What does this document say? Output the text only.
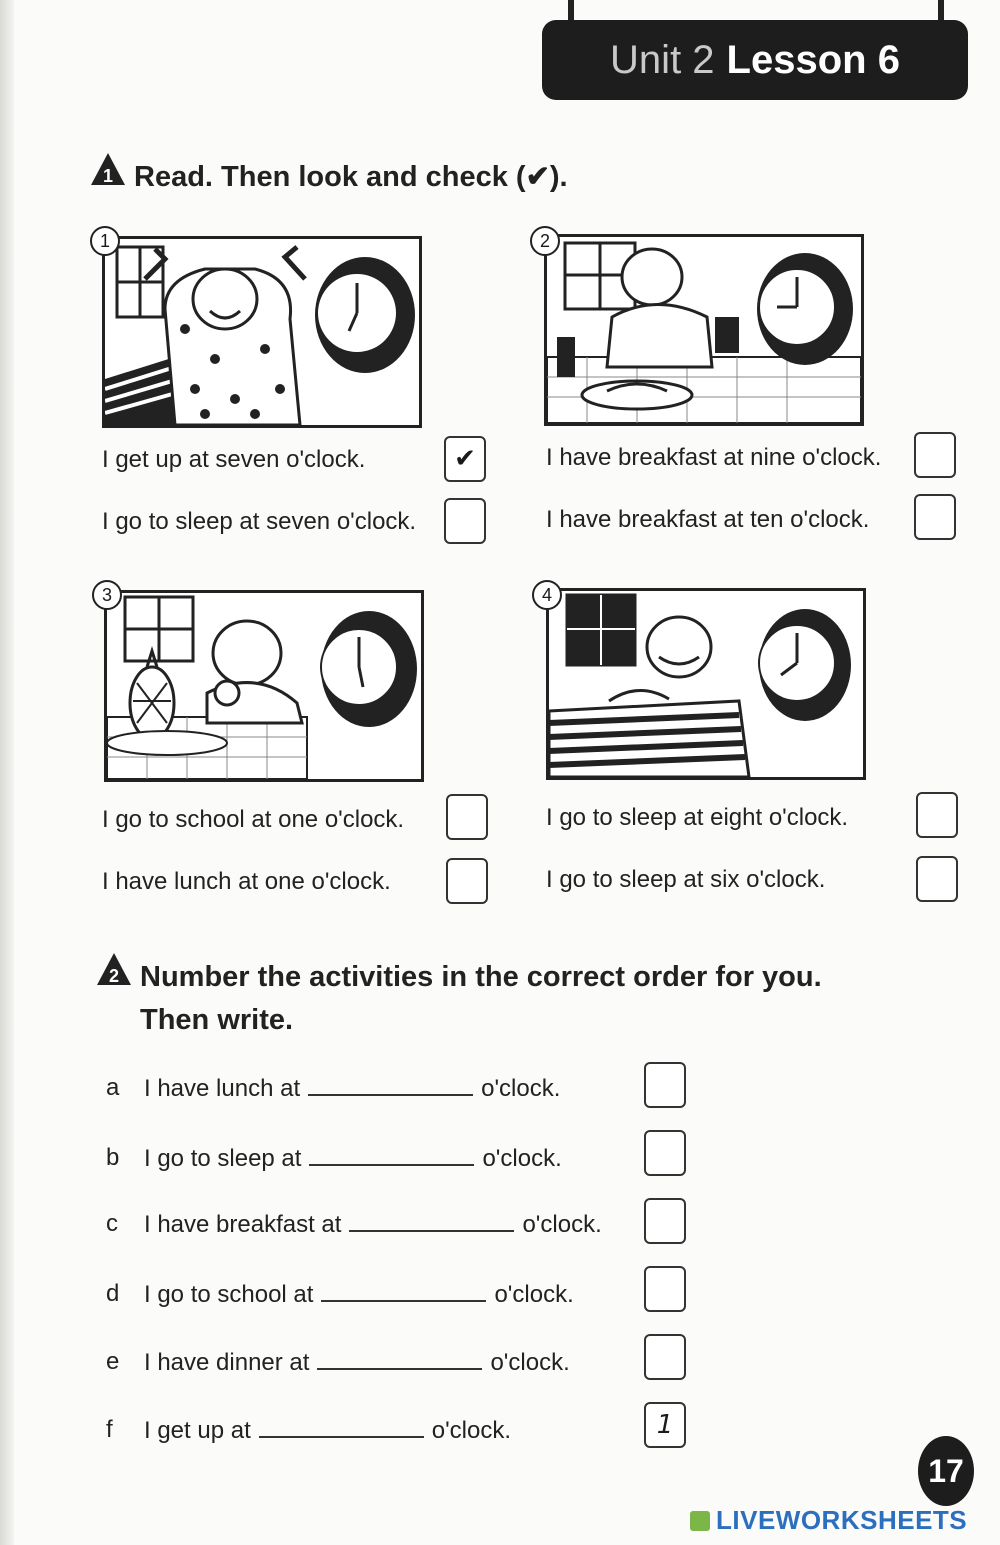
Unit 2 Lesson 6
1 Read. Then look and check (✔).
1	2
3	4
I get up at seven o'clock.	✔
I go to sleep at seven o'clock.
I have breakfast at nine o'clock.
I have breakfast at ten o'clock.
I go to school at one o'clock.
I have lunch at one o'clock.
I go to sleep at eight o'clock.
I go to sleep at six o'clock.
2 Number the activities in the correct order for you.
Then write.
a I have lunch at	o'clock.
b I go to sleep at	o'clock.
c I have breakfast at	o'clock.
d I go to school at	o'clock.
e I have dinner at	o'clock.
f I get up at	o'clock.	1
17
LIVEWORKSHEETS
